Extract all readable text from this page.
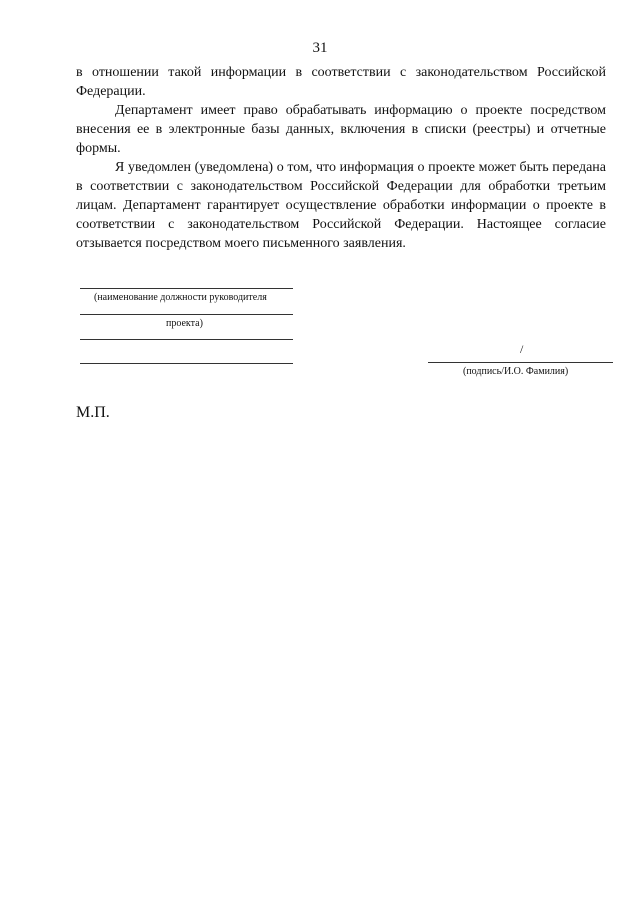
31

в отношении такой информации в соответствии с законодательством Российской Федерации.

Департамент имеет право обрабатывать информацию о проекте посредством внесения ее в электронные базы данных, включения в списки (реестры) и отчетные формы.

Я уведомлен (уведомлена) о том, что информация о проекте может быть передана в соответствии с законодательством Российской Федерации для обработки третьим лицам. Департамент гарантирует осуществление обработки информации о проекте в соответствии с законодательством Российской Федерации. Настоящее согласие отзывается посредством моего письменного заявления.

(наименование должности руководителя
проекта)
/
(подпись/И.О. Фамилия)
М.П.
